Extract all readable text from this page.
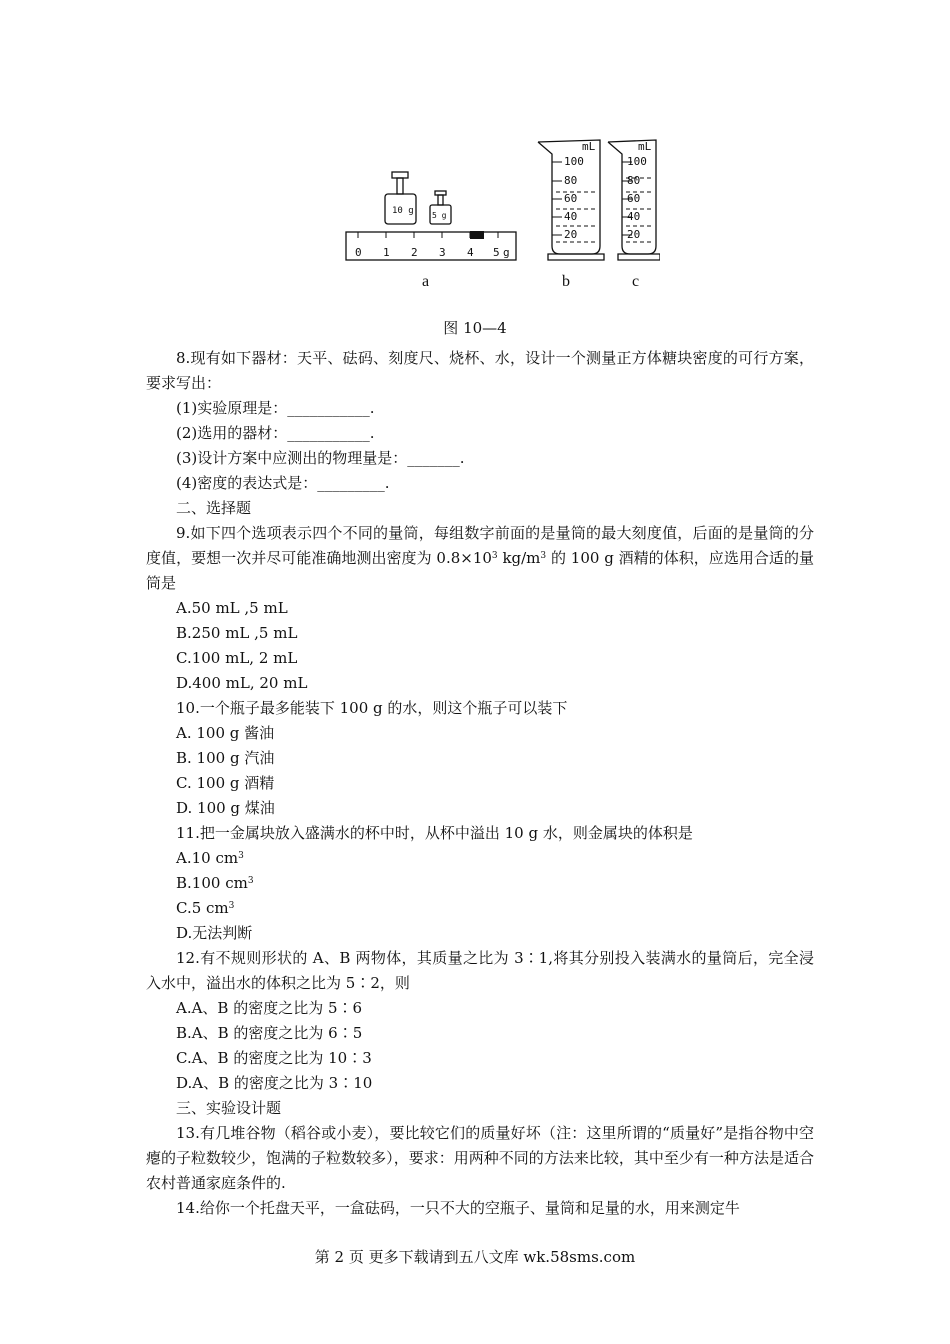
10 g 5 g
0 1 2 3 4 5 g
mL
100
80
60
40
20
mL
100
80
60
40
20
a	b	c
图 10—4

8.现有如下器材：天平、砝码、刻度尺、烧杯、水，设计一个测量正方体糖块密度的可行方案，要求写出：

(1)实验原理是：___________.

(2)选用的器材：___________.

(3)设计方案中应测出的物理量是：_______.

(4)密度的表达式是：_________.

二、选择题

9.如下四个选项表示四个不同的量筒，每组数字前面的是量筒的最大刻度值，后面的是量筒的分度值，要想一次并尽可能准确地测出密度为 $0.8\times 10^3$ $kg/m^3$ 的 100 g 酒精的体积，应选用合适的量筒是

A.50 mL ,5 mL

B.250 mL ,5 mL

C.100 mL, 2 mL

D.400 mL, 20 mL

10.一个瓶子最多能装下 100 g 的水，则这个瓶子可以装下

A. 100 g 酱油

B. 100 g 汽油

C. 100 g 酒精

D. 100 g 煤油

11.把一金属块放入盛满水的杯中时，从杯中溢出 10 g 水，则金属块的体积是

A.10 $cm^3$

B.100 $cm^3$

C.5 $cm^3$

D.无法判断

12.有不规则形状的 A、B 两物体，其质量之比为 3∶1,将其分别投入装满水的量筒后，完全浸入水中，溢出水的体积之比为 5∶2，则

A.A、B 的密度之比为 5∶6

B.A、B 的密度之比为 6∶5

C.A、B 的密度之比为 10∶3

D.A、B 的密度之比为 3∶10

三、实验设计题

13.有几堆谷物（稻谷或小麦），要比较它们的质量好坏（注：这里所谓的“质量好”是指谷物中空瘪的子粒数较少，饱满的子粒数较多），要求：用两种不同的方法来比较，其中至少有一种方法是适合农村普通家庭条件的.

14.给你一个托盘天平，一盒砝码，一只不大的空瓶子、量筒和足量的水，用来测定牛

第 2 页 更多下载请到五八文库 wk.58sms.com
